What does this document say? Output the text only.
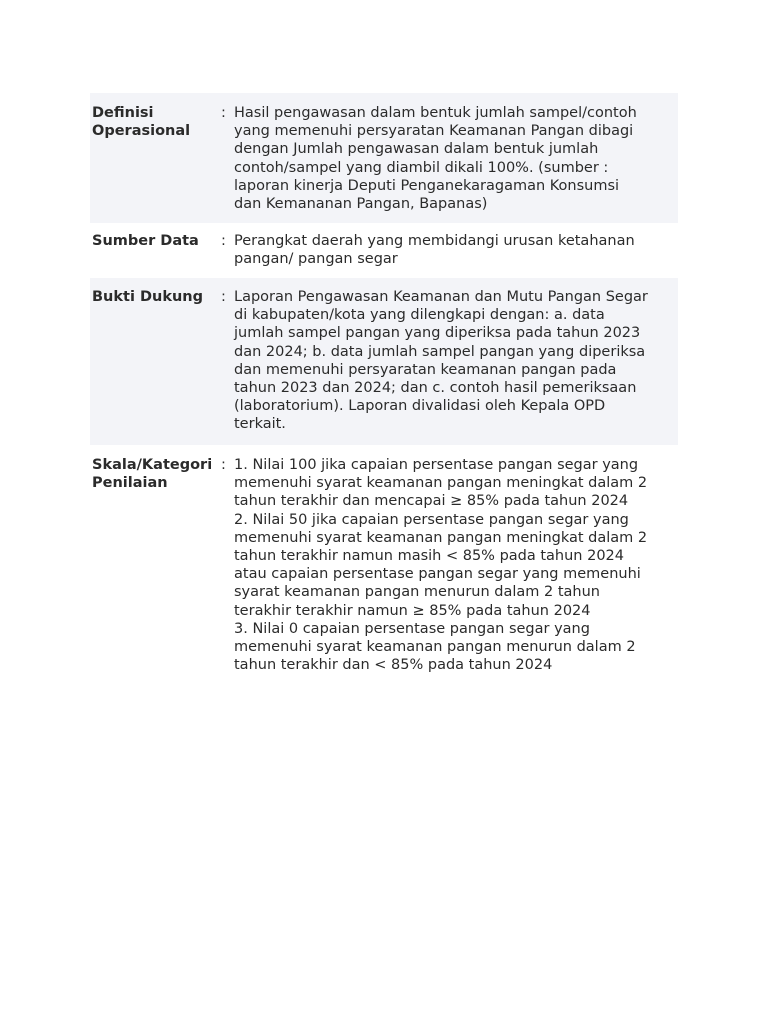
Definisi
Operasional
: Hasil pengawasan dalam bentuk jumlah sampel/contoh
yang memenuhi persyaratan Keamanan Pangan dibagi
dengan Jumlah pengawasan dalam bentuk jumlah
contoh/sampel yang diambil dikali 100%. (sumber :
laporan kinerja Deputi Penganekaragaman Konsumsi
dan Kemananan Pangan, Bapanas)
Sumber Data	: Perangkat daerah yang membidangi urusan ketahanan
pangan/ pangan segar
Bukti Dukung	: Laporan Pengawasan Keamanan dan Mutu Pangan Segar
di kabupaten/kota yang dilengkapi dengan: a. data
jumlah sampel pangan yang diperiksa pada tahun 2023
dan 2024; b. data jumlah sampel pangan yang diperiksa
dan memenuhi persyaratan keamanan pangan pada
tahun 2023 dan 2024; dan c. contoh hasil pemeriksaan
(laboratorium). Laporan divalidasi oleh Kepala OPD
terkait.
Skala/Kategori
Penilaian
: 1. Nilai 100 jika capaian persentase pangan segar yang
memenuhi syarat keamanan pangan meningkat dalam 2
tahun terakhir dan mencapai ≥ 85% pada tahun 2024
2. Nilai 50 jika capaian persentase pangan segar yang
memenuhi syarat keamanan pangan meningkat dalam 2
tahun terakhir namun masih < 85% pada tahun 2024
atau capaian persentase pangan segar yang memenuhi
syarat keamanan pangan menurun dalam 2 tahun
terakhir terakhir namun ≥ 85% pada tahun 2024
3. Nilai 0 capaian persentase pangan segar yang
memenuhi syarat keamanan pangan menurun dalam 2
tahun terakhir dan < 85% pada tahun 2024
